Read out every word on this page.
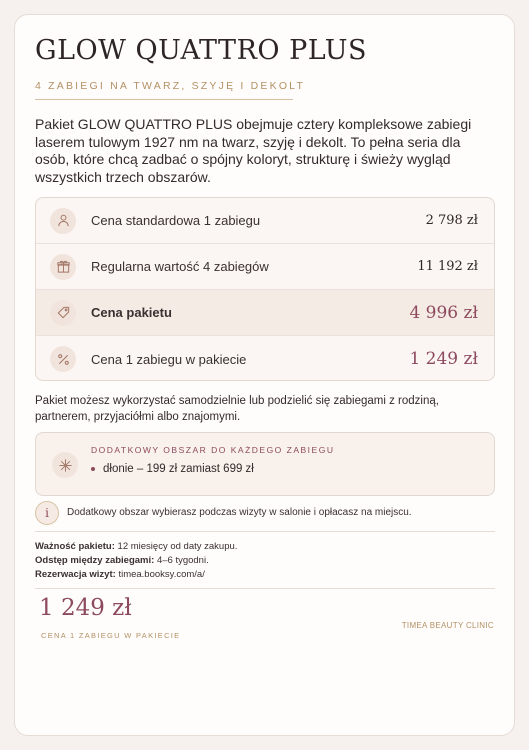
GLOW QUATTRO PLUS
4 ZABIEGI NA TWARZ, SZYJĘ I DEKOLT

Pakiet GLOW QUATTRO PLUS obejmuje cztery kompleksowe zabiegi laserem tulowym 1927 nm na twarz, szyję i dekolt. To pełna seria dla osób, które chcą zadbać o spójny koloryt, strukturę i świeży wygląd wszystkich trzech obszarów.

Cena standardowa 1 zabiegu	2 798 zł
Regularna wartość 4 zabiegów	11 192 zł
Cena pakietu	4 996 zł
Cena 1 zabiegu w pakiecie	1 249 zł

Pakiet możesz wykorzystać samodzielnie lub podzielić się zabiegami z rodziną, partnerem, przyjaciółmi albo znajomymi.

DODATKOWY OBSZAR DO KAŻDEGO ZABIEGU
dłonie – 199 zł zamiast 699 zł
i	Dodatkowy obszar wybierasz podczas wizyty w salonie i opłacasz na miejscu.
Ważność pakietu: 12 miesięcy od daty zakupu.
Odstęp między zabiegami: 4–6 tygodni.
Rezerwacja wizyt: timea.booksy.com/a/
1 249 zł
CENA 1 ZABIEGU W PAKIECIE
TIMEA BEAUTY CLINIC
